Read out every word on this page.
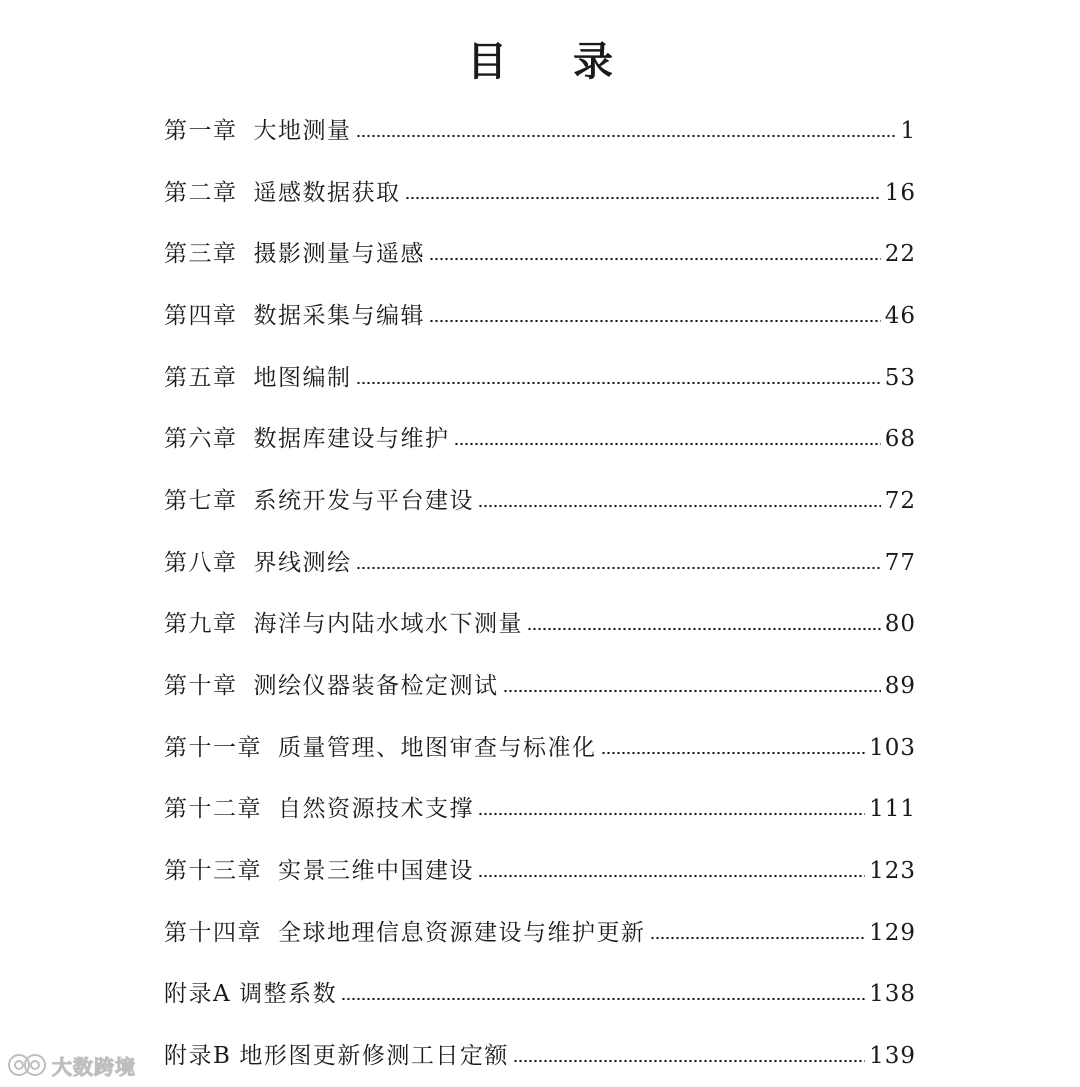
目 录
第一章 大地测量	1
第二章 遥感数据获取	16
第三章 摄影测量与遥感	22
第四章 数据采集与编辑	46
第五章 地图编制	53
第六章 数据库建设与维护	68
第七章 系统开发与平台建设	72
第八章 界线测绘	77
第九章 海洋与内陆水域水下测量	80
第十章 测绘仪器装备检定测试	89
第十一章 质量管理、地图审查与标准化	103
第十二章 自然资源技术支撑	111
第十三章 实景三维中国建设	123
第十四章 全球地理信息资源建设与维护更新	129
附录A 调整系数	138
附录B 地形图更新修测工日定额	139
大数跨境
